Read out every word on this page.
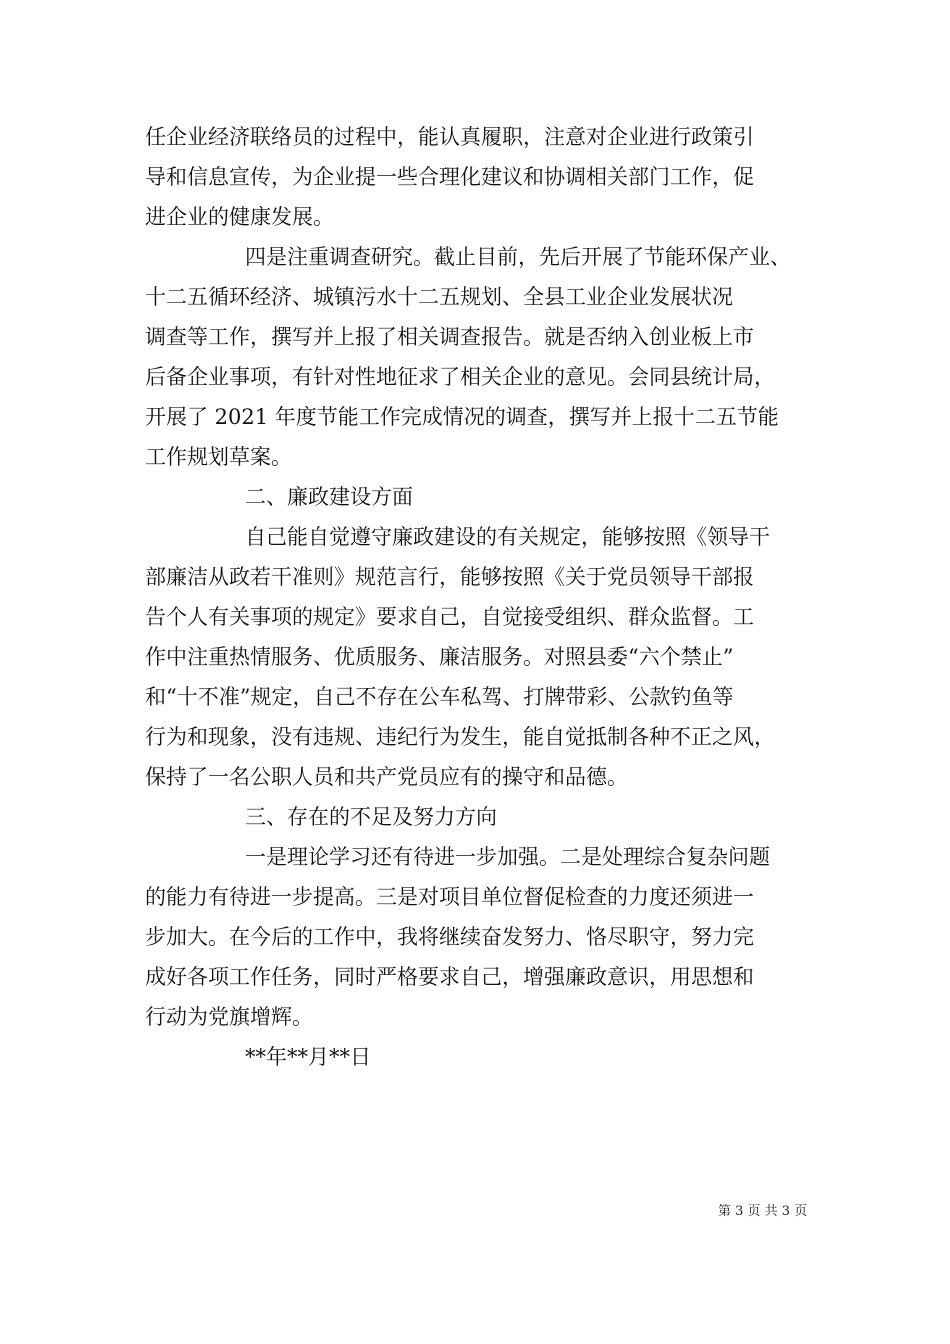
任企业经济联络员的过程中，能认真履职，注意对企业进行政策引
导和信息宣传，为企业提一些合理化建议和协调相关部门工作，促
进企业的健康发展。
四是注重调查研究。截止目前，先后开展了节能环保产业、
十二五循环经济、城镇污水十二五规划、全县工业企业发展状况
调查等工作，撰写并上报了相关调查报告。就是否纳入创业板上市
后备企业事项，有针对性地征求了相关企业的意见。会同县统计局，
开展了 2021 年度节能工作完成情况的调查，撰写并上报十二五节能
工作规划草案。
二、廉政建设方面
自己能自觉遵守廉政建设的有关规定，能够按照《领导干
部廉洁从政若干准则》规范言行，能够按照《关于党员领导干部报
告个人有关事项的规定》要求自己，自觉接受组织、群众监督。工
作中注重热情服务、优质服务、廉洁服务。对照县委“六个禁止”
和“十不准”规定，自己不存在公车私驾、打牌带彩、公款钓鱼等
行为和现象，没有违规、违纪行为发生，能自觉抵制各种不正之风，
保持了一名公职人员和共产党员应有的操守和品德。
三、存在的不足及努力方向
一是理论学习还有待进一步加强。二是处理综合复杂问题
的能力有待进一步提高。三是对项目单位督促检查的力度还须进一
步加大。在今后的工作中，我将继续奋发努力、恪尽职守，努力完
成好各项工作任务，同时严格要求自己，增强廉政意识，用思想和
行动为党旗增辉。
**年**月**日
第 3 页 共 3 页
